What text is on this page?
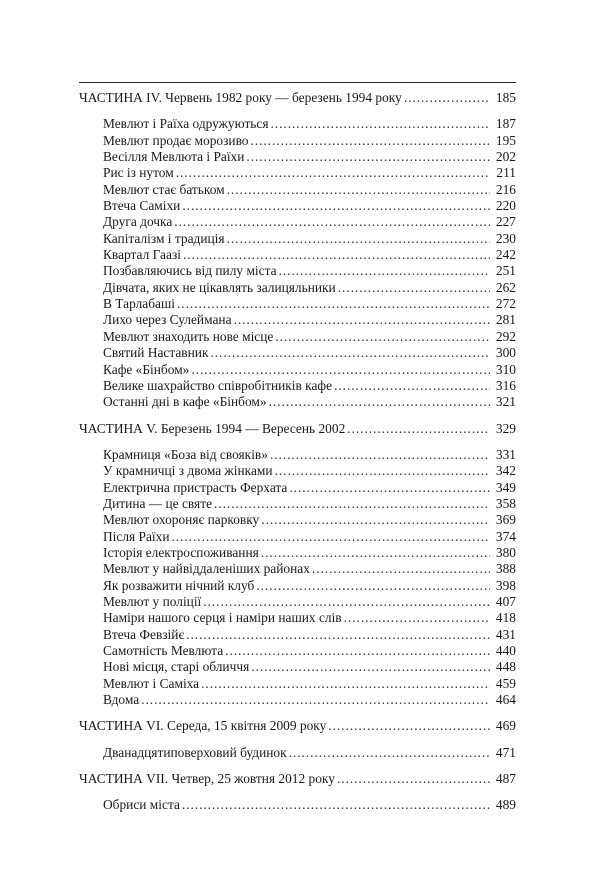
ЧАСТИНА IV. Червень 1982 року — березень 1994 року . . .	185
Мевлют і Раїха одружуються . . .	187
Мевлют продає морозиво . . .	195
Весілля Мевлюта і Раїхи . . .	202
Рис із нутом . . .	211
Мевлют стає батьком . . .	216
Втеча Саміхи . . .	220
Друга дочка . . .	227
Капіталізм і традиція . . .	230
Квартал Гаазі . . .	242
Позбавляючись від пилу міста . . .	251
Дівчата, яких не цікавлять залицяльники . . .	262
В Тарлабаші . . .	272
Лихо через Сулеймана . . .	281
Мевлют знаходить нове місце . . .	292
Святий Наставник . . .	300
Кафе «Бінбом» . . .	310
Велике шахрайство співробітників кафе . . .	316
Останні дні в кафе «Бінбом» . . .	321
ЧАСТИНА V. Березень 1994 — Вересень 2002 . . .	329
Крамниця «Боза від свояків» . . .	331
У крамничці з двома жінками . . .	342
Електрична пристрасть Ферхата . . .	349
Дитина — це святе . . .	358
Мевлют охороняє парковку . . .	369
Після Раїхи . . .	374
Історія електроспоживання . . .	380
Мевлют у найвіддаленіших районах . . .	388
Як розважити нічний клуб . . .	398
Мевлют у поліції . . .	407
Наміри нашого серця і наміри наших слів . . .	418
Втеча Февзійє . . .	431
Самотність Мевлюта . . .	440
Нові місця, старі обличчя . . .	448
Мевлют і Саміха . . .	459
Вдома . . .	464
ЧАСТИНА VI. Середа, 15 квітня 2009 року . . .	469
Дванадцятиповерховий будинок . . .	471
ЧАСТИНА VII. Четвер, 25 жовтня 2012 року . . .	487
Обриси міста . . .	489
